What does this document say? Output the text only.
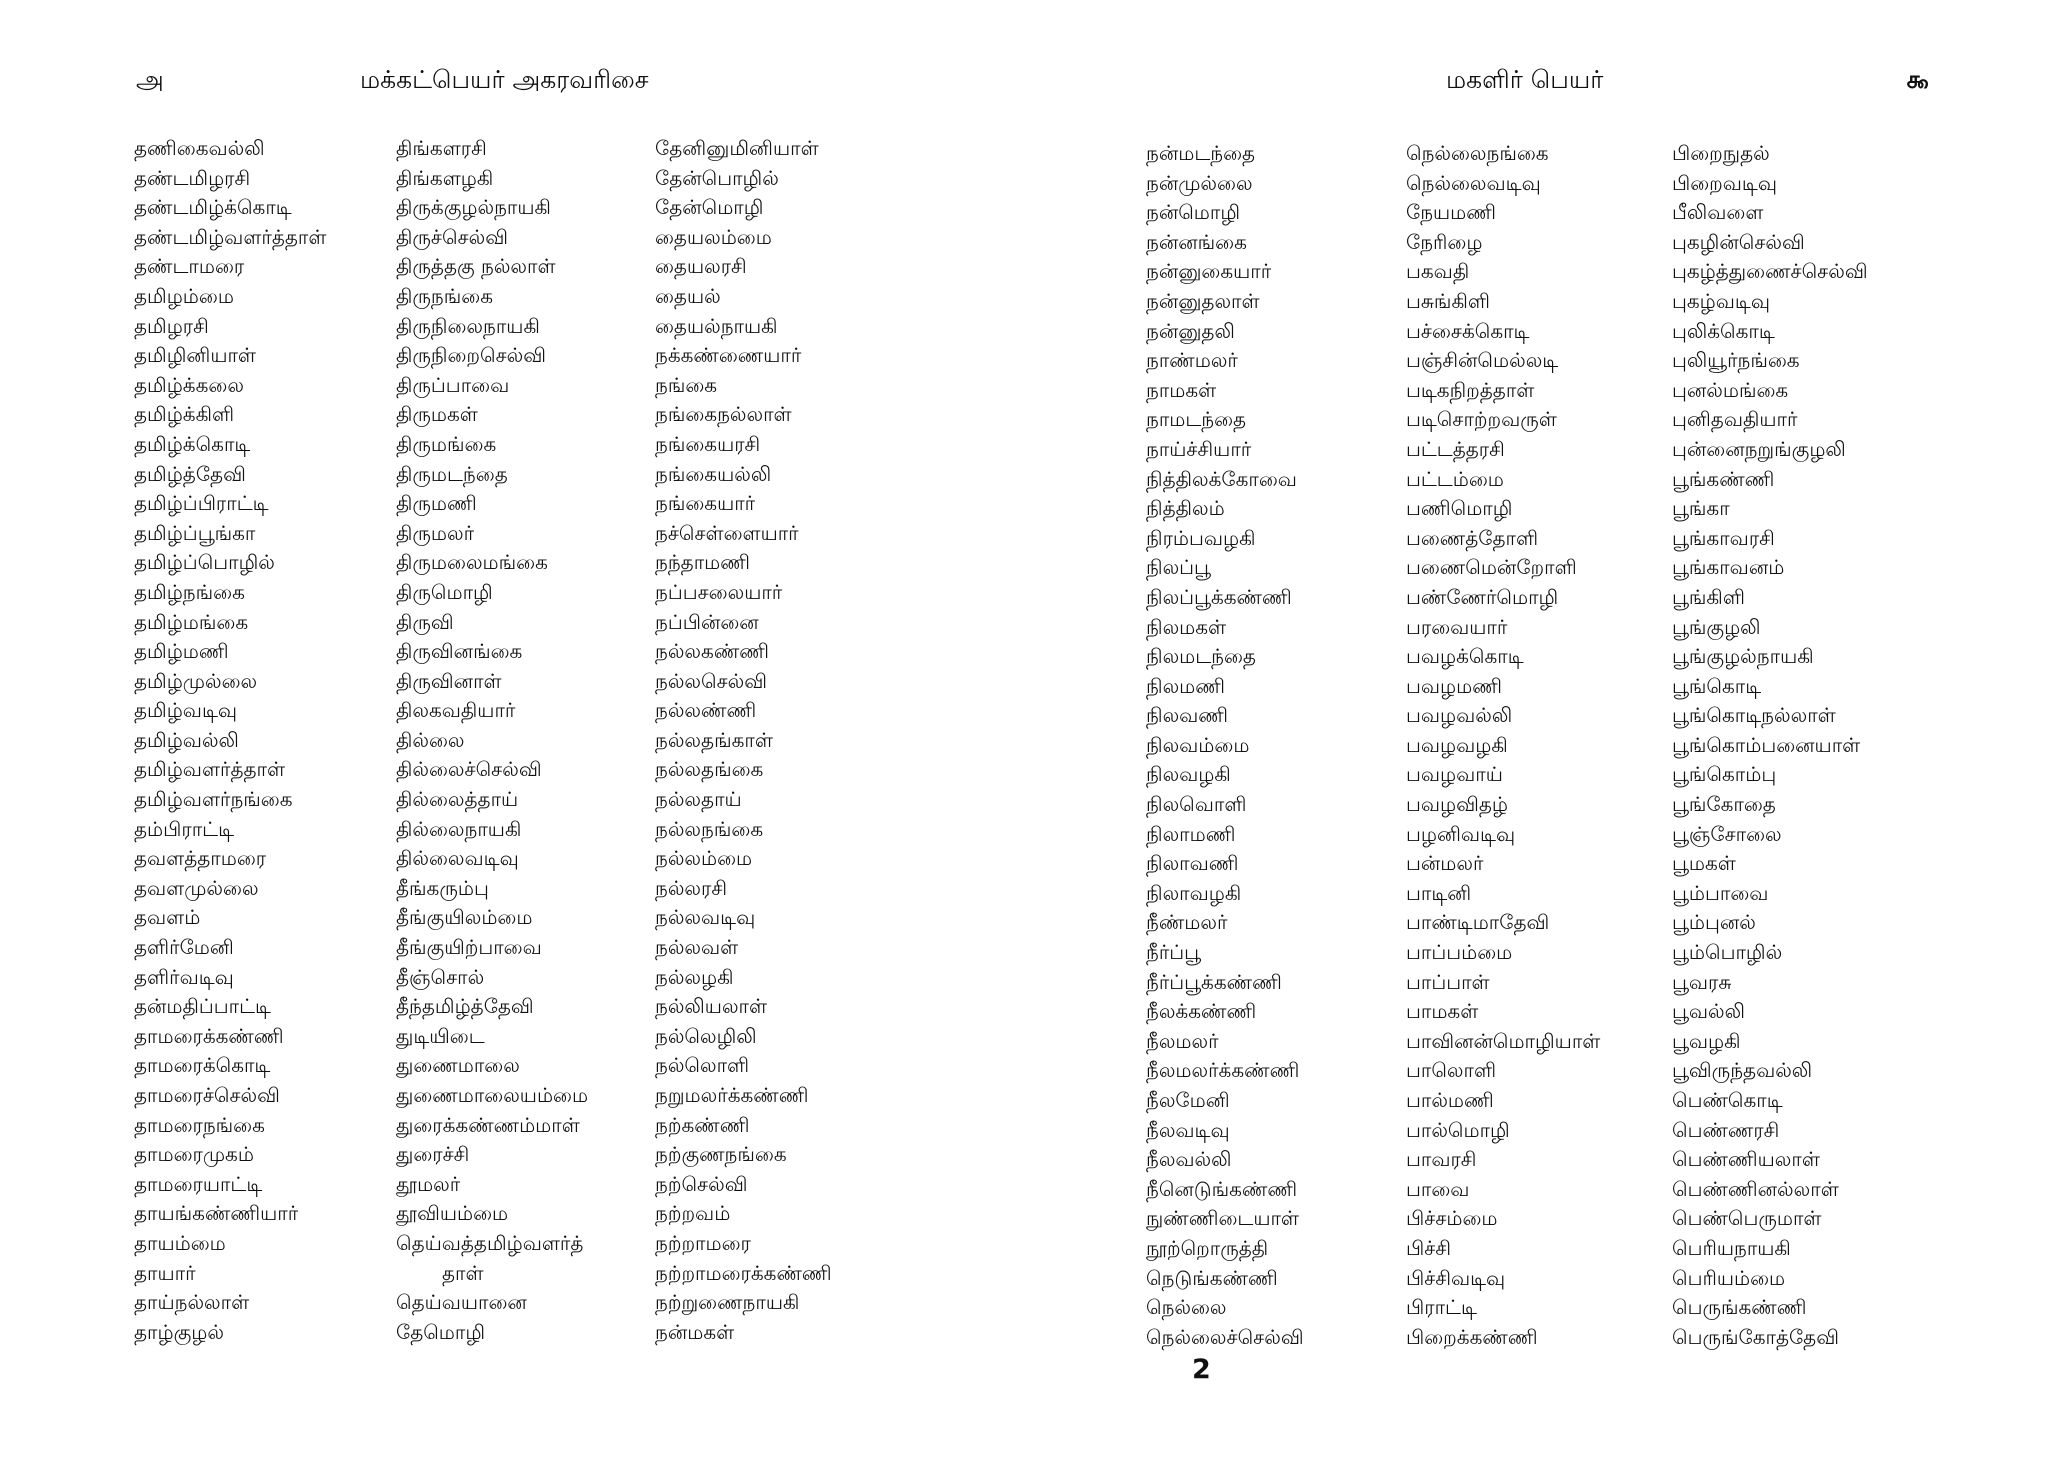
அ	மக்கட்பெயர் அகரவரிசை
தணிகைவல்லி
தண்டமிழரசி
தண்டமிழ்க்கொடி
தண்டமிழ்வளர்த்தாள்
தண்டாமரை
தமிழம்மை
தமிழரசி
தமிழினியாள்
தமிழ்க்கலை
தமிழ்க்கிளி
தமிழ்க்கொடி
தமிழ்த்தேவி
தமிழ்ப்பிராட்டி
தமிழ்ப்பூங்கா
தமிழ்ப்பொழில்
தமிழ்நங்கை
தமிழ்மங்கை
தமிழ்மணி
தமிழ்முல்லை
தமிழ்வடிவு
தமிழ்வல்லி
தமிழ்வளர்த்தாள்
தமிழ்வளர்நங்கை
தம்பிராட்டி
தவளத்தாமரை
தவளமுல்லை
தவளம்
தளிர்மேனி
தளிர்வடிவு
தன்மதிப்பாட்டி
தாமரைக்கண்ணி
தாமரைக்கொடி
தாமரைச்செல்வி
தாமரைநங்கை
தாமரைமுகம்
தாமரையாட்டி
தாயங்கண்ணியார்
தாயம்மை
தாயார்
தாய்நல்லாள்
தாழ்குழல்
திங்களரசி
திங்களழகி
திருக்குழல்நாயகி
திருச்செல்வி
திருத்தகு நல்லாள்
திருநங்கை
திருநிலைநாயகி
திருநிறைசெல்வி
திருப்பாவை
திருமகள்
திருமங்கை
திருமடந்தை
திருமணி
திருமலர்
திருமலைமங்கை
திருமொழி
திருவி
திருவினங்கை
திருவினாள்
திலகவதியார்
தில்லை
தில்லைச்செல்வி
தில்லைத்தாய்
தில்லைநாயகி
தில்லைவடிவு
தீங்கரும்பு
தீங்குயிலம்மை
தீங்குயிற்பாவை
தீஞ்சொல்
தீந்தமிழ்த்தேவி
துடியிடை
துணைமாலை
துணைமாலையம்மை
துரைக்கண்ணம்மாள்
துரைச்சி
தூமலர்
தூவியம்மை
தெய்வத்தமிழ்வளர்த்
தாள்
தெய்வயானை
தேமொழி
தேனினுமினியாள்
தேன்பொழில்
தேன்மொழி
தையலம்மை
தையலரசி
தையல்
தையல்நாயகி
நக்கண்ணையார்
நங்கை
நங்கைநல்லாள்
நங்கையரசி
நங்கையல்லி
நங்கையார்
நச்செள்ளையார்
நந்தாமணி
நப்பசலையார்
நப்பின்னை
நல்லகண்ணி
நல்லசெல்வி
நல்லண்ணி
நல்லதங்காள்
நல்லதங்கை
நல்லதாய்
நல்லநங்கை
நல்லம்மை
நல்லரசி
நல்லவடிவு
நல்லவள்
நல்லழகி
நல்லியலாள்
நல்லெழிலி
நல்லொளி
நறுமலர்க்கண்ணி
நற்கண்ணி
நற்குணநங்கை
நற்செல்வி
நற்றவம்
நற்றாமரை
நற்றாமரைக்கண்ணி
நற்றுணைநாயகி
நன்மகள்
மகளிர் பெயர்	௯
நன்மடந்தை
நன்முல்லை
நன்மொழி
நன்னங்கை
நன்னுகையார்
நன்னுதலாள்
நன்னுதலி
நாண்மலர்
நாமகள்
நாமடந்தை
நாய்ச்சியார்
நித்திலக்கோவை
நித்திலம்
நிரம்பவழகி
நிலப்பூ
நிலப்பூக்கண்ணி
நிலமகள்
நிலமடந்தை
நிலமணி
நிலவணி
நிலவம்மை
நிலவழகி
நிலவொளி
நிலாமணி
நிலாவணி
நிலாவழகி
நீண்மலர்
நீர்ப்பூ
நீர்ப்பூக்கண்ணி
நீலக்கண்ணி
நீலமலர்
நீலமலர்க்கண்ணி
நீலமேனி
நீலவடிவு
நீலவல்லி
நீனெடுங்கண்ணி
நுண்ணிடையாள்
நூற்றொருத்தி
நெடுங்கண்ணி
நெல்லை
நெல்லைச்செல்வி
நெல்லைநங்கை
நெல்லைவடிவு
நேயமணி
நேரிழை
பகவதி
பசுங்கிளி
பச்சைக்கொடி
பஞ்சின்மெல்லடி
படிகநிறத்தாள்
படிசொற்றவருள்
பட்டத்தரசி
பட்டம்மை
பணிமொழி
பணைத்தோளி
பணைமென்றோளி
பண்ணேர்மொழி
பரவையார்
பவழக்கொடி
பவழமணி
பவழவல்லி
பவழவழகி
பவழவாய்
பவழவிதழ்
பழனிவடிவு
பன்மலர்
பாடினி
பாண்டிமாதேவி
பாப்பம்மை
பாப்பாள்
பாமகள்
பாவினன்மொழியாள்
பாலொளி
பால்மணி
பால்மொழி
பாவரசி
பாவை
பிச்சம்மை
பிச்சி
பிச்சிவடிவு
பிராட்டி
பிறைக்கண்ணி
பிறைநுதல்
பிறைவடிவு
பீலிவளை
புகழின்செல்வி
புகழ்த்துணைச்செல்வி
புகழ்வடிவு
புலிக்கொடி
புலியூர்நங்கை
புனல்மங்கை
புனிதவதியார்
புன்னைநறுங்குழலி
பூங்கண்ணி
பூங்கா
பூங்காவரசி
பூங்காவனம்
பூங்கிளி
பூங்குழலி
பூங்குழல்நாயகி
பூங்கொடி
பூங்கொடிநல்லாள்
பூங்கொம்பனையாள்
பூங்கொம்பு
பூங்கோதை
பூஞ்சோலை
பூமகள்
பூம்பாவை
பூம்புனல்
பூம்பொழில்
பூவரசு
பூவல்லி
பூவழகி
பூவிருந்தவல்லி
பெண்கொடி
பெண்ணரசி
பெண்ணியலாள்
பெண்ணினல்லாள்
பெண்பெருமாள்
பெரியநாயகி
பெரியம்மை
பெருங்கண்ணி
பெருங்கோத்தேவி
2
